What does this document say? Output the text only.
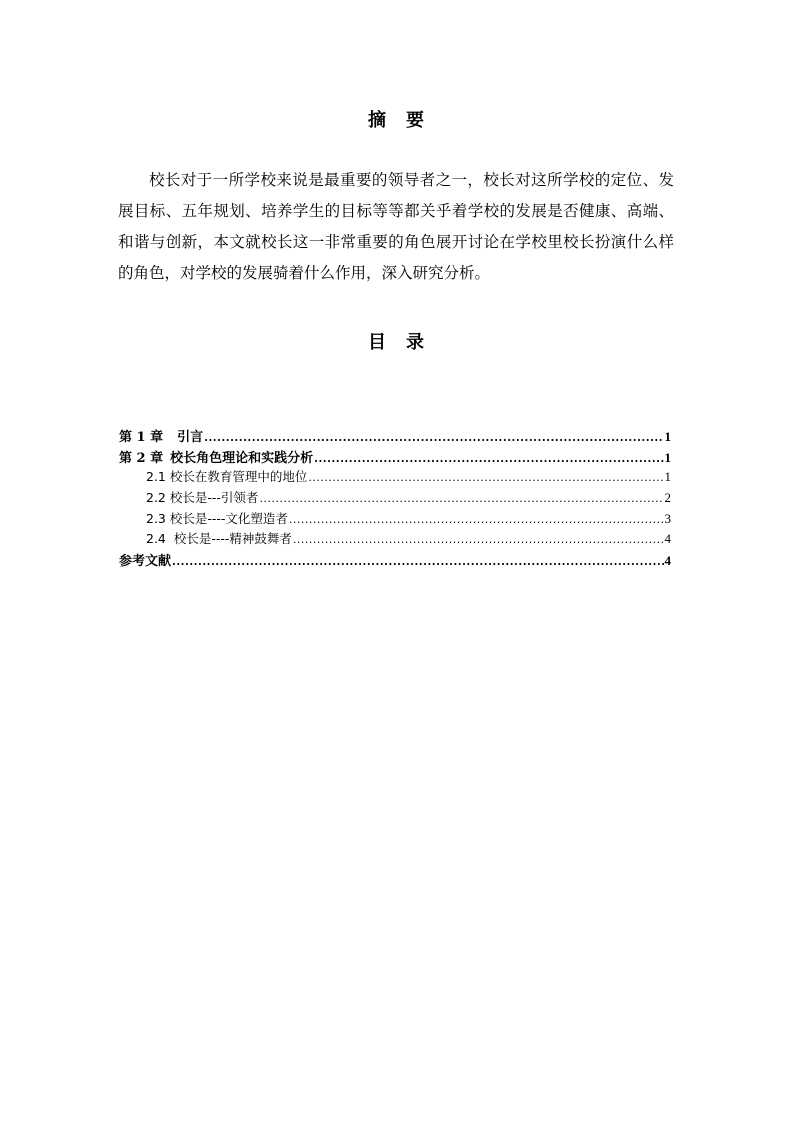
摘　要

校长对于一所学校来说是最重要的领导者之一，校长对这所学校的定位、发展目标、五年规划、培养学生的目标等等都关乎着学校的发展是否健康、高端、和谐与创新，本文就校长这一非常重要的角色展开讨论在学校里校长扮演什么样的角色，对学校的发展骑着什么作用，深入研究分析。

目　录
第 1 章 引言 .....	1
第 2 章 校长角色理论和实践分析 .....	1
2.1 校长在教育管理中的地位 .....	1
2.2 校长是---引领者 .....	2
2.3 校长是----文化塑造者 .....	3
2.4 校长是----精神鼓舞者 .....	4
参考文献 .....	4
